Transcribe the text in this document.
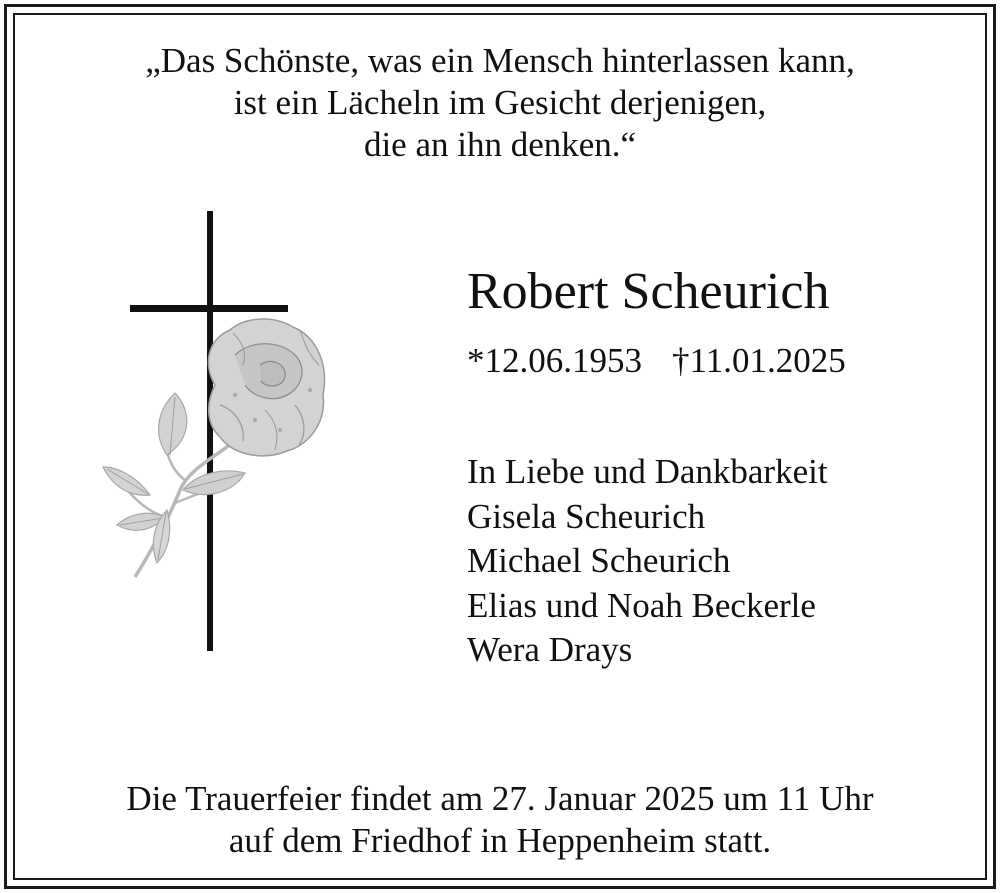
„Das Schönste, was ein Mensch hinterlassen kann,
ist ein Lächeln im Gesicht derjenigen,
die an ihn denken.“
Robert Scheurich
*12.06.1953 †11.01.2025
In Liebe und Dankbarkeit
Gisela Scheurich
Michael Scheurich
Elias und Noah Beckerle
Wera Drays
Die Trauerfeier findet am 27. Januar 2025 um 11 Uhr
auf dem Friedhof in Heppenheim statt.
